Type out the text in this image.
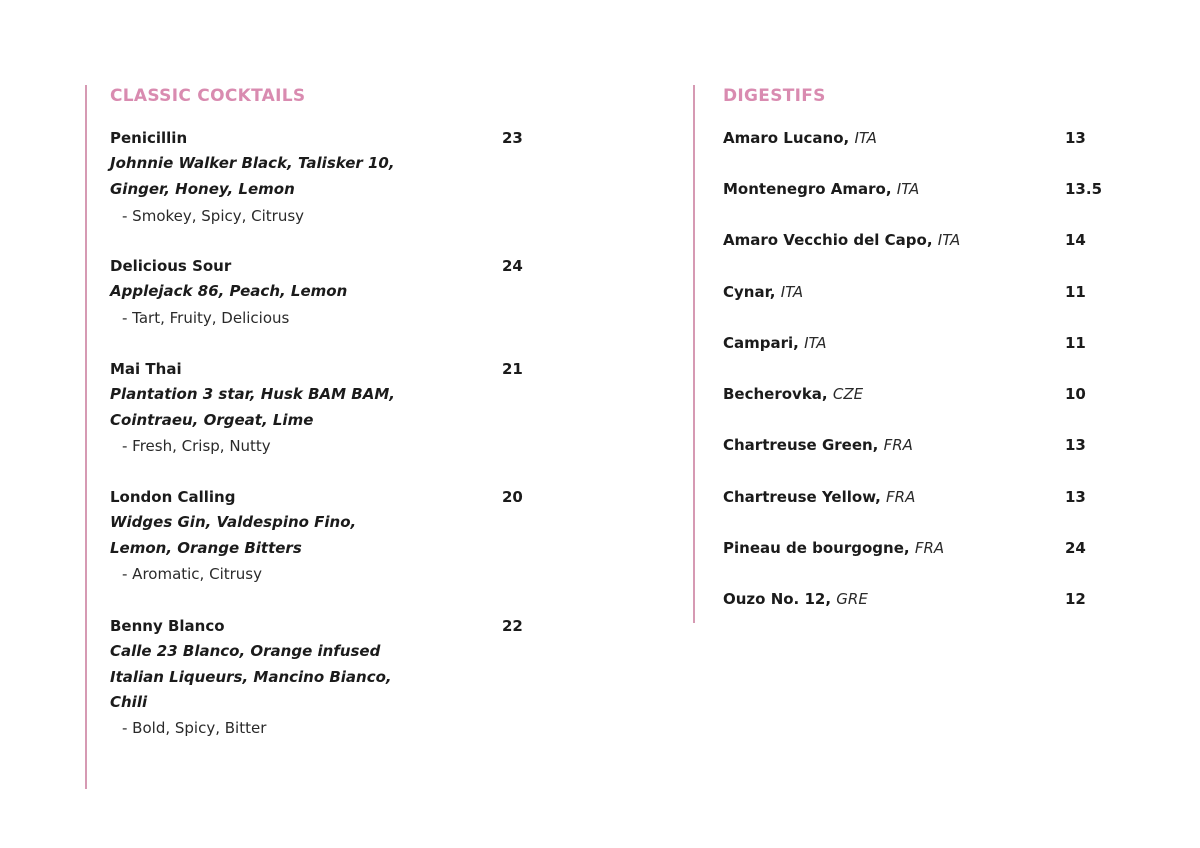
CLASSIC COCKTAILS
Penicillin	23
Johnnie Walker Black, Talisker 10, Ginger, Honey, Lemon
- Smokey, Spicy, Citrusy
Delicious Sour	24
Applejack 86, Peach, Lemon
- Tart, Fruity, Delicious
Mai Thai	21
Plantation 3 star, Husk BAM BAM, Cointraeu, Orgeat, Lime
- Fresh, Crisp, Nutty
London Calling	20
Widges Gin, Valdespino Fino, Lemon, Orange Bitters
- Aromatic, Citrusy
Benny Blanco	22
Calle 23 Blanco, Orange infused Italian Liqueurs, Mancino Bianco, Chili
- Bold, Spicy, Bitter
DIGESTIFS
Amaro Lucano, ITA	13
Montenegro Amaro, ITA	13.5
Amaro Vecchio del Capo, ITA	14
Cynar, ITA	11
Campari, ITA	11
Becherovka, CZE	10
Chartreuse Green, FRA	13
Chartreuse Yellow, FRA	13
Pineau de bourgogne, FRA	24
Ouzo No. 12, GRE	12
